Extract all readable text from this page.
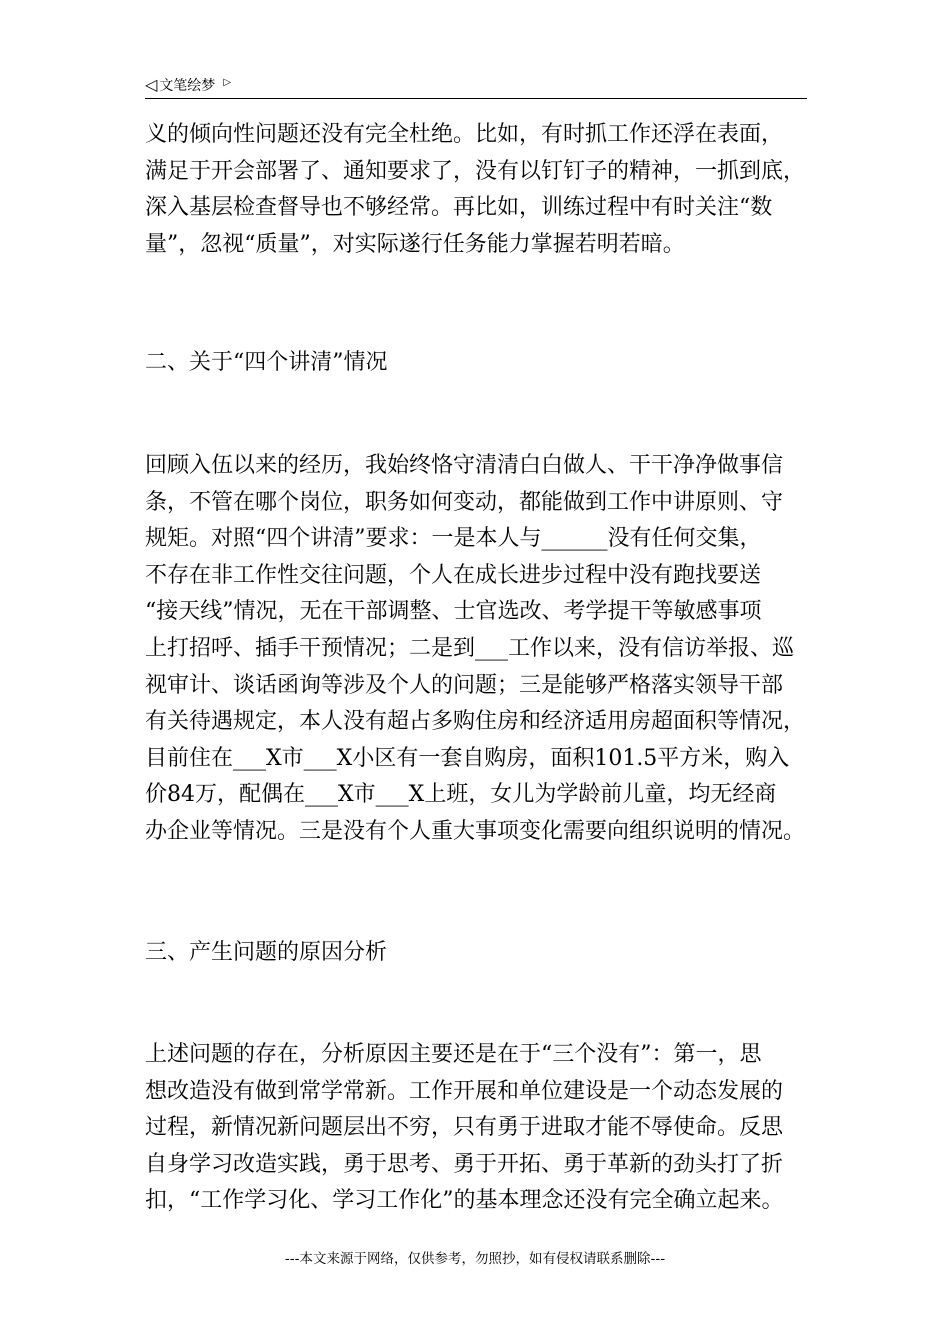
◁ 文笔绘梦 ▷
义的倾向性问题还没有完全杜绝。比如，有时抓工作还浮在表面，
满足于开会部署了、通知要求了，没有以钉钉子的精神，一抓到底，
深入基层检查督导也不够经常。再比如，训练过程中有时关注“数
量”，忽视“质量”，对实际遂行任务能力掌握若明若暗。
二、关于“四个讲清”情况
回顾入伍以来的经历，我始终恪守清清白白做人、干干净净做事信
条，不管在哪个岗位，职务如何变动，都能做到工作中讲原则、守
规矩。对照“四个讲清”要求：一是本人与______没有任何交集，
不存在非工作性交往问题，个人在成长进步过程中没有跑找要送
“接天线”情况，无在干部调整、士官选改、考学提干等敏感事项
上打招呼、插手干预情况；二是到___工作以来，没有信访举报、巡
视审计、谈话函询等涉及个人的问题；三是能够严格落实领导干部
有关待遇规定，本人没有超占多购住房和经济适用房超面积等情况，
目前住在___X市___X小区有一套自购房，面积101.5平方米，购入
价84万，配偶在___X市___X上班，女儿为学龄前儿童，均无经商
办企业等情况。三是没有个人重大事项变化需要向组织说明的情况。
三、产生问题的原因分析
上述问题的存在，分析原因主要还是在于“三个没有”：第一，思
想改造没有做到常学常新。工作开展和单位建设是一个动态发展的
过程，新情况新问题层出不穷，只有勇于进取才能不辱使命。反思
自身学习改造实践，勇于思考、勇于开拓、勇于革新的劲头打了折
扣，“工作学习化、学习工作化”的基本理念还没有完全确立起来。
---本文来源于网络，仅供参考，勿照抄，如有侵权请联系删除---
